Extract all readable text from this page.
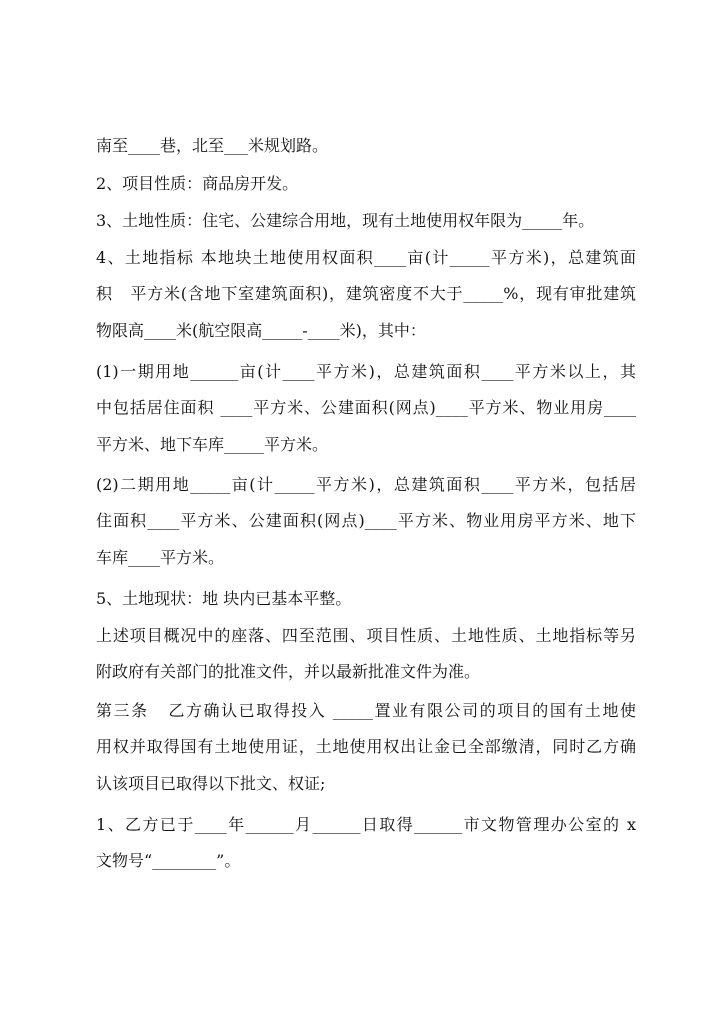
南至____巷，北至___米规划路。
2、项目性质：商品房开发。
3、土地性质：住宅、公建综合用地，现有土地使用权年限为_____年。
4、土地指标 本地块土地使用权面积____亩(计_____平方米)，总建筑面
积   平方米(含地下室建筑面积)，建筑密度不大于_____%，现有审批建筑
物限高____米(航空限高_____-____米)，其中：
(1)一期用地______亩(计____平方米)，总建筑面积____平方米以上，其
中包括居住面积 ____平方米、公建面积(网点)____平方米、物业用房____
平方米、地下车库_____平方米。
(2)二期用地_____亩(计_____平方米)，总建筑面积____平方米，包括居
住面积____平方米、公建面积(网点)____平方米、物业用房平方米、地下
车库____平方米。
5、土地现状：地 块内已基本平整。
上述项目概况中的座落、四至范围、项目性质、土地性质、土地指标等另
附政府有关部门的批准文件，并以最新批准文件为准。
第三条   乙方确认已取得投入 _____置业有限公司的项目的国有土地使
用权并取得国有土地使用证，土地使用权出让金已全部缴清，同时乙方确
认该项目已取得以下批文、权证;
1、乙方已于____年______月______日取得______市文物管理办公室的 x
文物号“________”。
